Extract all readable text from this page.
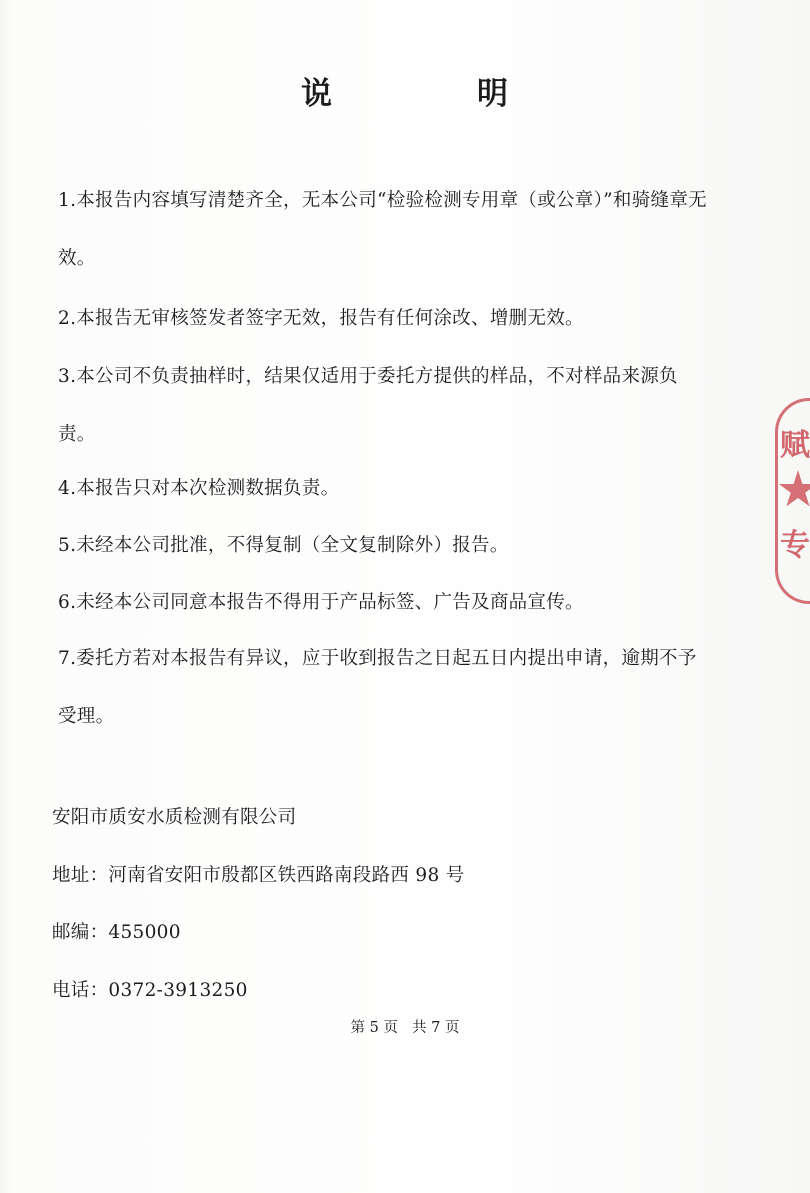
说	明

1.本报告内容填写清楚齐全，无本公司“检验检测专用章（或公章）”和骑缝章无效。

2.本报告无审核签发者签字无效，报告有任何涂改、增删无效。

3.本公司不负责抽样时，结果仅适用于委托方提供的样品，不对样品来源负责。

4.本报告只对本次检测数据负责。

5.未经本公司批准，不得复制（全文复制除外）报告。

6.未经本公司同意本报告不得用于产品标签、广告及商品宣传。

7.委托方若对本报告有异议，应于收到报告之日起五日内提出申请，逾期不予受理。

安阳市质安水质检测有限公司
地址：河南省安阳市殷都区铁西路南段路西 98 号
邮编：455000
电话：0372-3913250
第 5 页 共 7 页
赋
专
